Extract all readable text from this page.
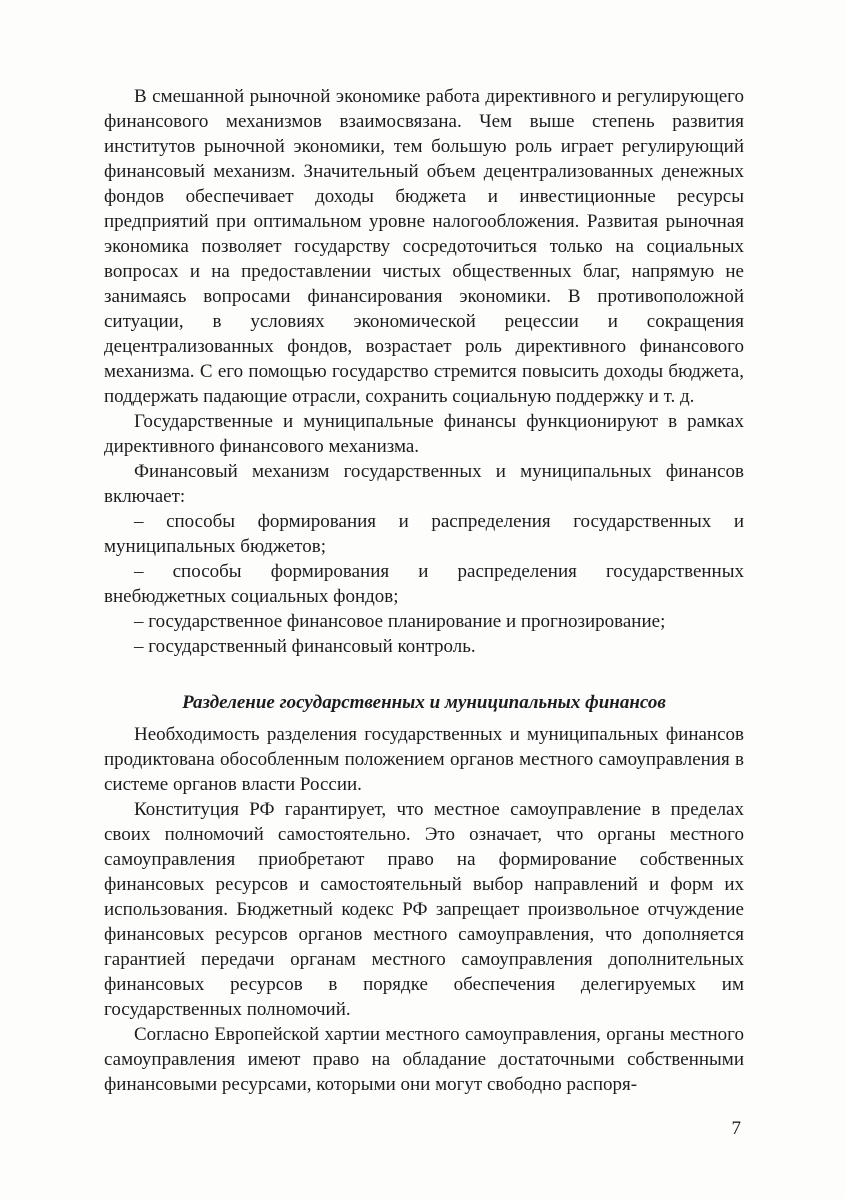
В смешанной рыночной экономике работа директивного и регулирующего финансового механизмов взаимосвязана. Чем выше степень развития институтов рыночной экономики, тем большую роль играет регулирующий финансовый механизм. Значительный объем децентрализованных денежных фондов обеспечивает доходы бюджета и инвестиционные ресурсы предприятий при оптимальном уровне налогообложения. Развитая рыночная экономика позволяет государству сосредоточиться только на социальных вопросах и на предоставлении чистых общественных благ, напрямую не занимаясь вопросами финансирования экономики. В противоположной ситуации, в условиях экономической рецессии и сокращения децентрализованных фондов, возрастает роль директивного финансового механизма. С его помощью государство стремится повысить доходы бюджета, поддержать падающие отрасли, сохранить социальную поддержку и т. д.

Государственные и муниципальные финансы функционируют в рамках директивного финансового механизма.

Финансовый механизм государственных и муниципальных финансов включает:

– способы формирования и распределения государственных и муниципальных бюджетов;

– способы формирования и распределения государственных внебюджетных социальных фондов;

– государственное финансовое планирование и прогнозирование;

– государственный финансовый контроль.

Разделение государственных и муниципальных финансов

Необходимость разделения государственных и муниципальных финансов продиктована обособленным положением органов местного самоуправления в системе органов власти России.

Конституция РФ гарантирует, что местное самоуправление в пределах своих полномочий самостоятельно. Это означает, что органы местного самоуправления приобретают право на формирование собственных финансовых ресурсов и самостоятельный выбор направлений и форм их использования. Бюджетный кодекс РФ запрещает произвольное отчуждение финансовых ресурсов органов местного самоуправления, что дополняется гарантией передачи органам местного самоуправления дополнительных финансовых ресурсов в порядке обеспечения делегируемых им государственных полномочий.

Согласно Европейской хартии местного самоуправления, органы местного самоуправления имеют право на обладание достаточными собственными финансовыми ресурсами, которыми они могут свободно распоря-

7
